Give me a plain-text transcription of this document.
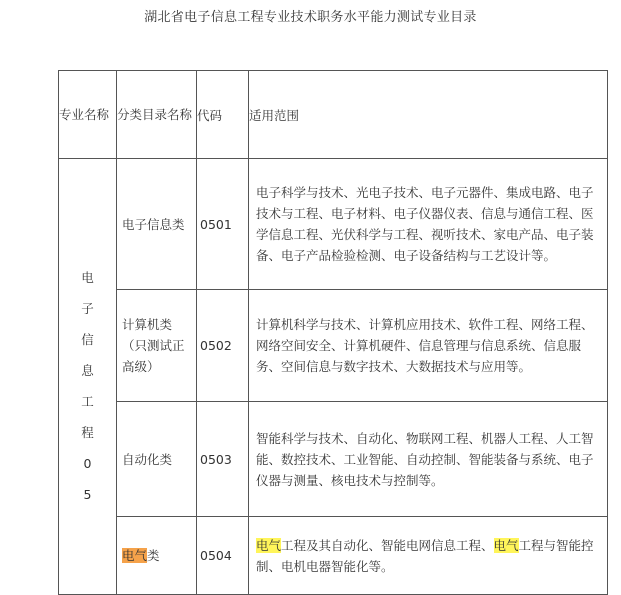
湖北省电子信息工程专业技术职务水平能力测试专业目录
专业名称	分类目录名称	代码	适用范围
电子信息工程05	电子信息类	0501	电子科学与技术、光电子技术、电子元器件、集成电路、电子技术与工程、电子材料、电子仪器仪表、信息与通信工程、医学信息工程、光伏科学与工程、视听技术、家电产品、电子装备、电子产品检验检测、电子设备结构与工艺设计等。
	计算机类（只测试正高级）	0502	计算机科学与技术、计算机应用技术、软件工程、网络工程、网络空间安全、计算机硬件、信息管理与信息系统、信息服务、空间信息与数字技术、大数据技术与应用等。
	自动化类	0503	智能科学与技术、自动化、物联网工程、机器人工程、人工智能、数控技术、工业智能、自动控制、智能装备与系统、电子仪器与测量、核电技术与控制等。
	电气类	0504	电气工程及其自动化、智能电网信息工程、电气工程与智能控制、电机电器智能化等。
